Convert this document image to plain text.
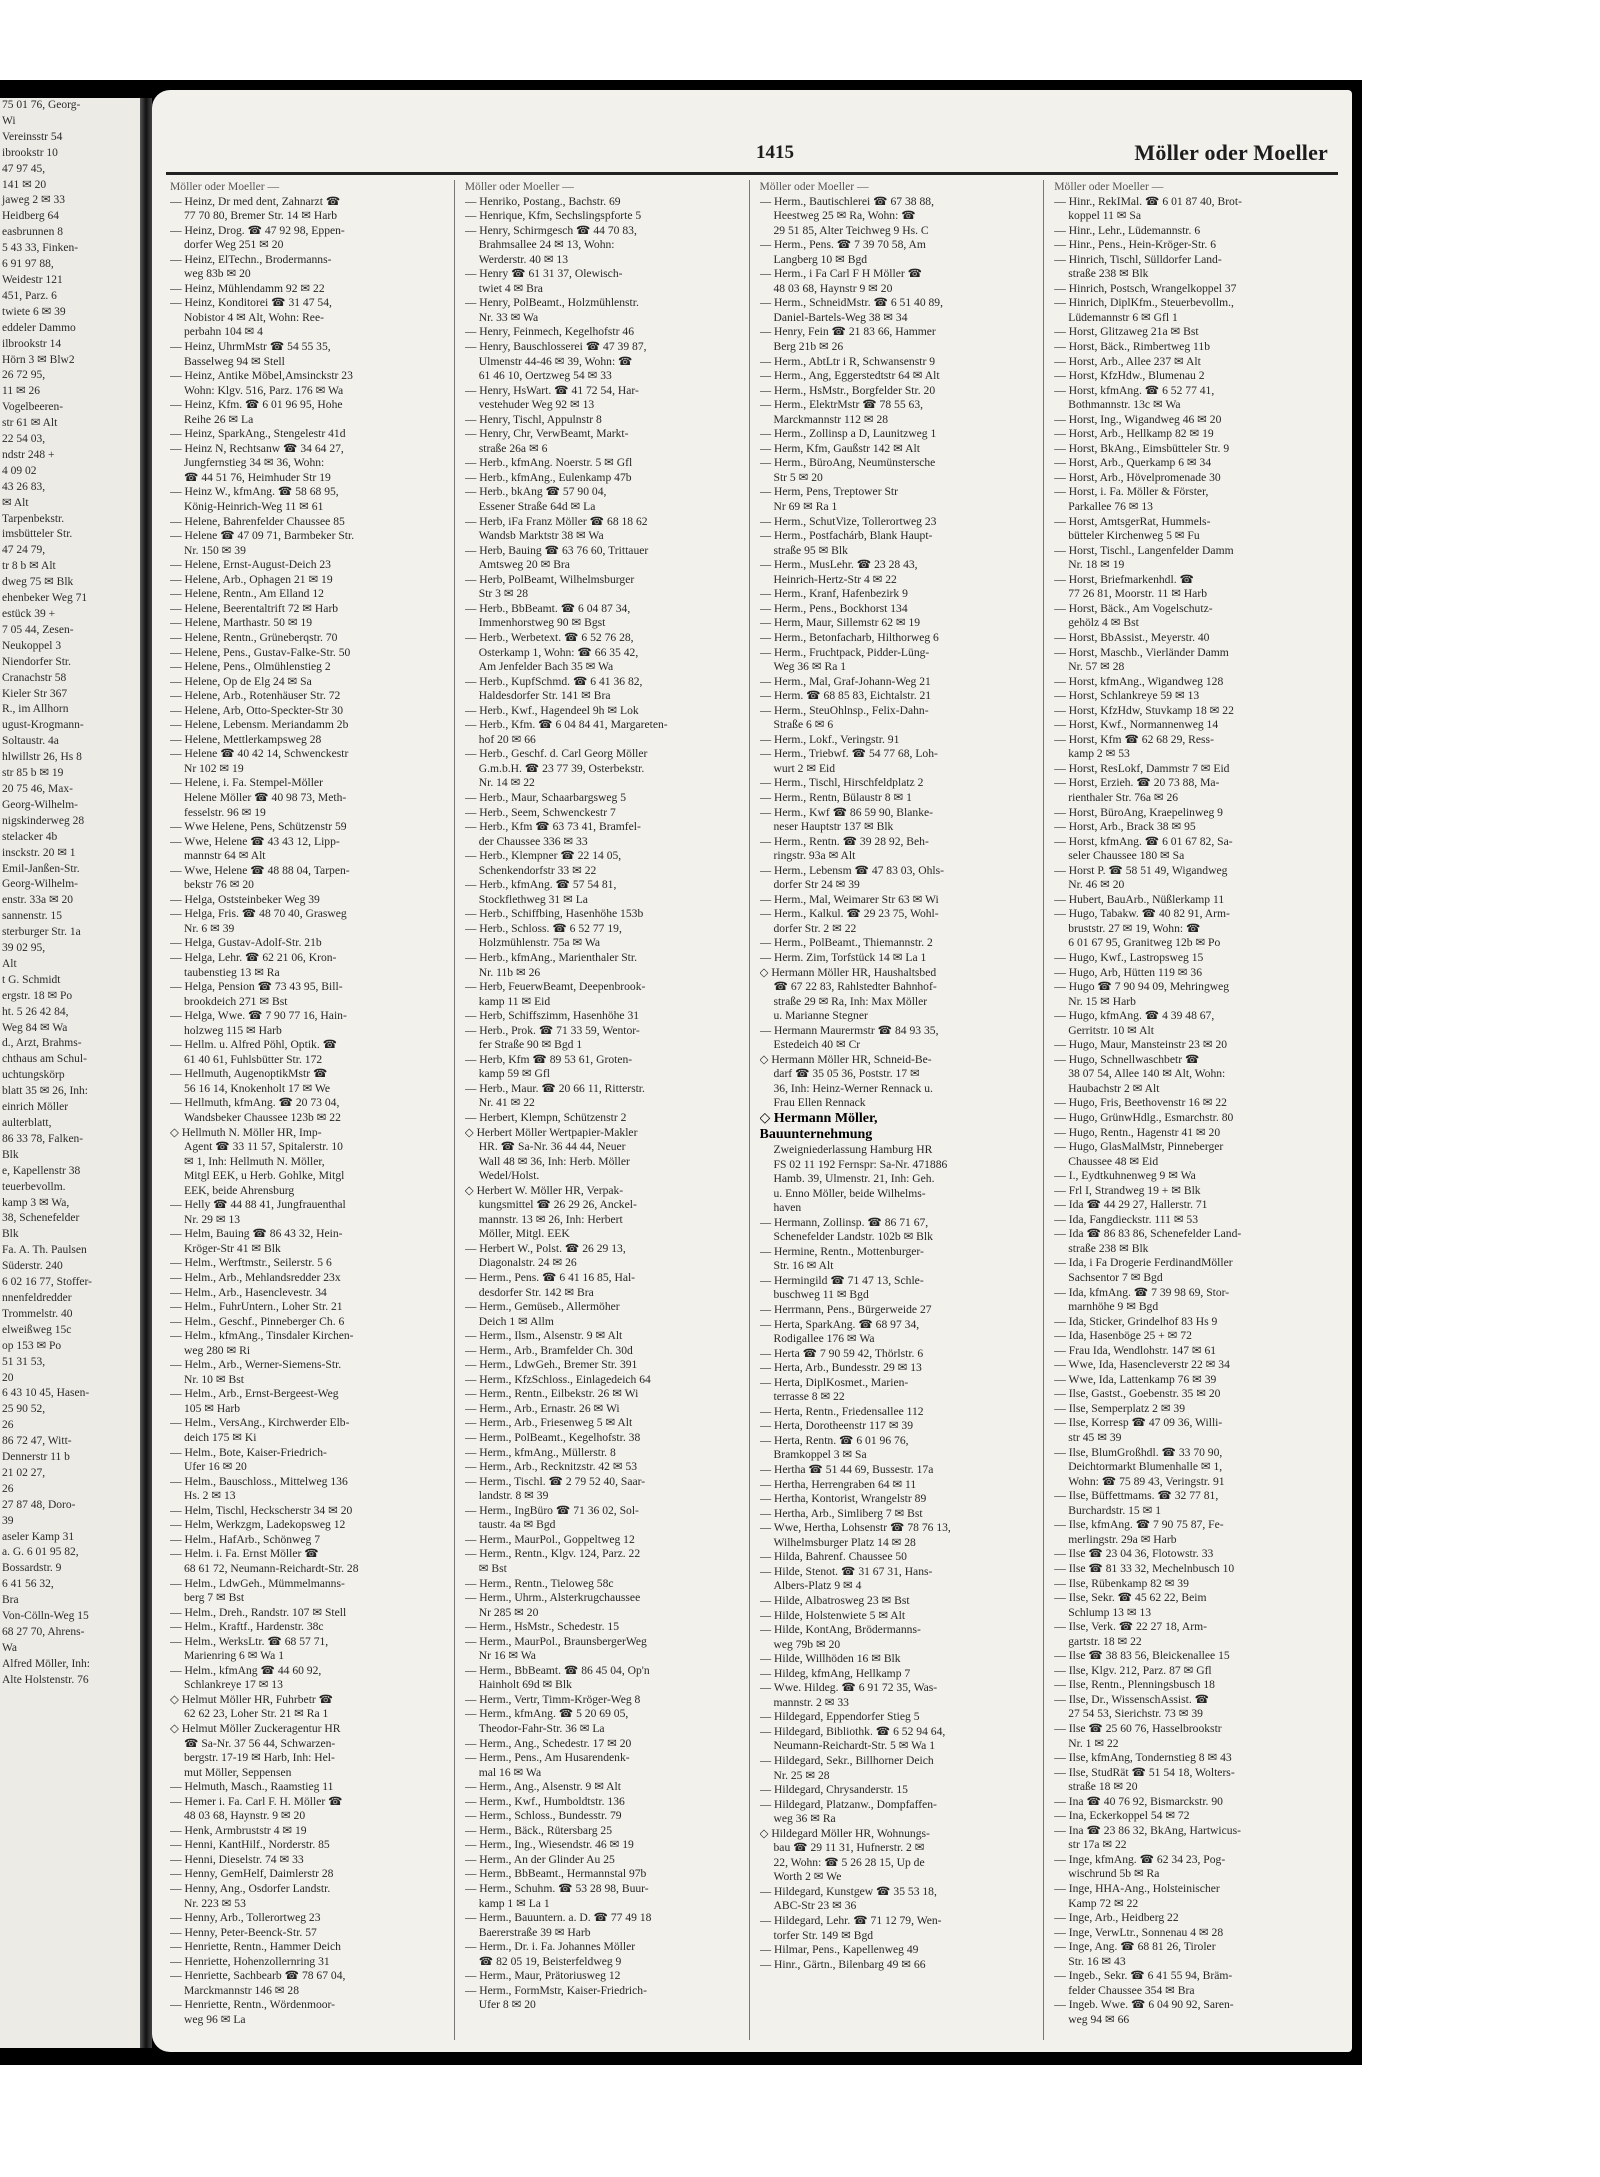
75 01 76, Georg-
Wi
Vereinsstr 54
ibrookstr 10
47 97 45,
141 ✉ 20
jaweg 2 ✉ 33
Heidberg 64
easbrunnen 8
5 43 33, Finken-
6 91 97 88,
Weidestr 121
451, Parz. 6
twiete 6 ✉ 39
eddeler Dammo
ilbrookstr 14
Hörn 3 ✉ Blw2
26 72 95,
11 ✉ 26
Vogelbeeren-
str 61 ✉ Alt
22 54 03,
ndstr 248 +
4 09 02
43 26 83,
✉ Alt
Tarpenbekstr.
imsbütteler Str.
47 24 79,
tr 8 b ✉ Alt
dweg 75 ✉ Blk
ehenbeker Weg 71
estück 39 +
7 05 44, Zesen-
Neukoppel 3
Niendorfer Str.
Cranachstr 58
Kieler Str 367
R., im Allhorn
ugust-Krogmann-
Soltaustr. 4a
hlwillstr 26, Hs 8
str 85 b ✉ 19
20 75 46, Max-
Georg-Wilhelm-
nigskinderweg 28
stelacker 4b
insckstr. 20 ✉ 1
Emil-Janßen-Str.
Georg-Wilhelm-
enstr. 33a ✉ 20
sannenstr. 15
sterburger Str. 1a
39 02 95,
Alt
t G. Schmidt
ergstr. 18 ✉ Po
ht. 5 26 42 84,
Weg 84 ✉ Wa
d., Arzt, Brahms-
chthaus am Schul-
uchtungskörp
blatt 35 ✉ 26, Inh:
einrich Möller
aulterblatt,
86 33 78, Falken-
Blk
e, Kapellenstr 38
teuerbevollm.
kamp 3 ✉ Wa,
38, Schenefelder
Blk
Fa. A. Th. Paulsen
Süderstr. 240
6 02 16 77, Stoffer-
nnenfeldredder
Trommelstr. 40
elweißweg 15c
op 153 ✉ Po
51 31 53,
20
6 43 10 45, Hasen-
25 90 52,
26
86 72 47, Witt-
Dennerstr 11 b
21 02 27,
26
27 87 48, Doro-
39
aseler Kamp 31
a. G. 6 01 95 82,
Bossardstr. 9
6 41 56 32,
Bra
Von-Cölln-Weg 15
68 27 70, Ahrens-
Wa
Alfred Möller, Inh:
Alte Holstenstr. 76
1415	Möller oder Moeller
Möller oder Moeller —
— Heinz, Dr med dent, Zahnarzt ☎
77 70 80, Bremer Str. 14 ✉ Harb
— Heinz, Drog. ☎ 47 92 98, Eppen-
dorfer Weg 251 ✉ 20
— Heinz, ElTechn., Brodermanns-
weg 83b ✉ 20
— Heinz, Mühlendamm 92 ✉ 22
— Heinz, Konditorei ☎ 31 47 54,
Nobistor 4 ✉ Alt, Wohn: Ree-
perbahn 104 ✉ 4
— Heinz, UhrmMstr ☎ 54 55 35,
Basselweg 94 ✉ Stell
— Heinz, Antike Möbel,Amsinckstr 23
Wohn: Klgv. 516, Parz. 176 ✉ Wa
— Heinz, Kfm. ☎ 6 01 96 95, Hohe
Reihe 26 ✉ La
— Heinz, SparkAng., Stengelestr 41d
— Heinz N, Rechtsanw ☎ 34 64 27,
Jungfernstieg 34 ✉ 36, Wohn:
☎ 44 51 76, Heimhuder Str 19
— Heinz W., kfmAng. ☎ 58 68 95,
König-Heinrich-Weg 11 ✉ 61
— Helene, Bahrenfelder Chaussee 85
— Helene ☎ 47 09 71, Barmbeker Str.
Nr. 150 ✉ 39
— Helene, Ernst-August-Deich 23
— Helene, Arb., Ophagen 21 ✉ 19
— Helene, Rentn., Am Elland 12
— Helene, Beerentaltrift 72 ✉ Harb
— Helene, Marthastr. 50 ✉ 19
— Helene, Rentn., Grüneberqstr. 70
— Helene, Pens., Gustav-Falke-Str. 50
— Helene, Pens., Olmühlenstieg 2
— Helene, Op de Elg 24 ✉ Sa
— Helene, Arb., Rotenhäuser Str. 72
— Helene, Arb, Otto-Speckter-Str 30
— Helene, Lebensm. Meriandamm 2b
— Helene, Mettlerkampsweg 28
— Helene ☎ 40 42 14, Schwenckestr
Nr 102 ✉ 19
— Helene, i. Fa. Stempel-Möller
Helene Möller ☎ 40 98 73, Meth-
fesselstr. 96 ✉ 19
— Wwe Helene, Pens, Schützenstr 59
— Wwe, Helene ☎ 43 43 12, Lipp-
mannstr 64 ✉ Alt
— Wwe, Helene ☎ 48 88 04, Tarpen-
bekstr 76 ✉ 20
— Helga, Oststeinbeker Weg 39
— Helga, Fris. ☎ 48 70 40, Grasweg
Nr. 6 ✉ 39
— Helga, Gustav-Adolf-Str. 21b
— Helga, Lehr. ☎ 62 21 06, Kron-
taubenstieg 13 ✉ Ra
— Helga, Pension ☎ 73 43 95, Bill-
brookdeich 271 ✉ Bst
— Helga, Wwe. ☎ 7 90 77 16, Hain-
holzweg 115 ✉ Harb
— Hellm. u. Alfred Pöhl, Optik. ☎
61 40 61, Fuhlsbütter Str. 172
— Hellmuth, AugenoptikMstr ☎
56 16 14, Knokenholt 17 ✉ We
— Hellmuth, kfmAng. ☎ 20 73 04,
Wandsbeker Chaussee 123b ✉ 22
◇ Hellmuth N. Möller HR, Imp-
Agent ☎ 33 11 57, Spitalerstr. 10
✉ 1, Inh: Hellmuth N. Möller,
Mitgl EEK, u Herb. Gohlke, Mitgl
EEK, beide Ahrensburg
— Helly ☎ 44 88 41, Jungfrauenthal
Nr. 29 ✉ 13
— Helm, Bauing ☎ 86 43 32, Hein-
Kröger-Str 41 ✉ Blk
— Helm., Werftmstr., Seilerstr. 5 6
— Helm., Arb., Mehlandsredder 23x
— Helm., Arb., Hasenclevestr. 34
— Helm., FuhrUntern., Loher Str. 21
— Helm., Geschf., Pinneberger Ch. 6
— Helm., kfmAng., Tinsdaler Kirchen-
weg 280 ✉ Ri
— Helm., Arb., Werner-Siemens-Str.
Nr. 10 ✉ Bst
— Helm., Arb., Ernst-Bergeest-Weg
105 ✉ Harb
— Helm., VersAng., Kirchwerder Elb-
deich 175 ✉ Ki
— Helm., Bote, Kaiser-Friedrich-
Ufer 16 ✉ 20
— Helm., Bauschloss., Mittelweg 136
Hs. 2 ✉ 13
— Helm, Tischl, Heckscherstr 34 ✉ 20
— Helm, Werkzgm, Ladekopsweg 12
— Helm., HafArb., Schönweg 7
— Helm. i. Fa. Ernst Möller ☎
68 61 72, Neumann-Reichardt-Str. 28
— Helm., LdwGeh., Mümmelmanns-
berg 7 ✉ Bst
— Helm., Dreh., Randstr. 107 ✉ Stell
— Helm., Kraftf., Hardenstr. 38c
— Helm., WerksLtr. ☎ 68 57 71,
Marienring 6 ✉ Wa 1
— Helm., kfmAng ☎ 44 60 92,
Schlankreye 17 ✉ 13
◇ Helmut Möller HR, Fuhrbetr ☎
62 62 23, Loher Str. 21 ✉ Ra 1
◇ Helmut Möller Zuckeragentur HR
☎ Sa-Nr. 37 56 44, Schwarzen-
bergstr. 17-19 ✉ Harb, Inh: Hel-
mut Möller, Seppensen
— Helmuth, Masch., Raamstieg 11
— Hemer i. Fa. Carl F. H. Möller ☎
48 03 68, Haynstr. 9 ✉ 20
— Henk, Armbruststr 4 ✉ 19
— Henni, KantHilf., Norderstr. 85
— Henni, Dieselstr. 74 ✉ 33
— Henny, GemHelf, Daimlerstr 28
— Henny, Ang., Osdorfer Landstr.
Nr. 223 ✉ 53
— Henny, Arb., Tollerortweg 23
— Henny, Peter-Beenck-Str. 57
— Henriette, Rentn., Hammer Deich
— Henriette, Hohenzollernring 31
— Henriette, Sachbearb ☎ 78 67 04,
Marckmannstr 146 ✉ 28
— Henriette, Rentn., Wördenmoor-
weg 96 ✉ La
Möller oder Moeller —
— Henriko, Postang., Bachstr. 69
— Henrique, Kfm, Sechslingspforte 5
— Henry, Schirmgesch ☎ 44 70 83,
Brahmsallee 24 ✉ 13, Wohn:
Werderstr. 40 ✉ 13
— Henry ☎ 61 31 37, Olewisch-
twiet 4 ✉ Bra
— Henry, PolBeamt., Holzmühlenstr.
Nr. 33 ✉ Wa
— Henry, Feinmech, Kegelhofstr 46
— Henry, Bauschlosserei ☎ 47 39 87,
Ulmenstr 44-46 ✉ 39, Wohn: ☎
61 46 10, Oertzweg 54 ✉ 33
— Henry, HsWart. ☎ 41 72 54, Har-
vestehuder Weg 92 ✉ 13
— Henry, Tischl, Appulnstr 8
— Henry, Chr, VerwBeamt, Markt-
straße 26a ✉ 6
— Herb., kfmAng. Noerstr. 5 ✉ Gfl
— Herb., kfmAng., Eulenkamp 47b
— Herb., bkAng ☎ 57 90 04,
Essener Straße 64d ✉ La
— Herb, iFa Franz Möller ☎ 68 18 62
Wandsb Marktstr 38 ✉ Wa
— Herb, Bauing ☎ 63 76 60, Trittauer
Amtsweg 20 ✉ Bra
— Herb, PolBeamt, Wilhelmsburger
Str 3 ✉ 28
— Herb., BbBeamt. ☎ 6 04 87 34,
Immenhorstweg 90 ✉ Bgst
— Herb., Werbetext. ☎ 6 52 76 28,
Osterkamp 1, Wohn: ☎ 66 35 42,
Am Jenfelder Bach 35 ✉ Wa
— Herb., KupfSchmd. ☎ 6 41 36 82,
Haldesdorfer Str. 141 ✉ Bra
— Herb., Kwf., Hagendeel 9h ✉ Lok
— Herb., Kfm. ☎ 6 04 84 41, Margareten-
hof 20 ✉ 66
— Herb., Geschf. d. Carl Georg Möller
G.m.b.H. ☎ 23 77 39, Osterbekstr.
Nr. 14 ✉ 22
— Herb., Maur, Schaarbargsweg 5
— Herb., Seem, Schwenckestr 7
— Herb., Kfm ☎ 63 73 41, Bramfel-
der Chaussee 336 ✉ 33
— Herb., Klempner ☎ 22 14 05,
Schenkendorfstr 33 ✉ 22
— Herb., kfmAng. ☎ 57 54 81,
Stockflethweg 31 ✉ La
— Herb., Schiffbing, Hasenhöhe 153b
— Herb., Schloss. ☎ 6 52 77 19,
Holzmühlenstr. 75a ✉ Wa
— Herb., kfmAng., Marienthaler Str.
Nr. 11b ✉ 26
— Herb, FeuerwBeamt, Deepenbrook-
kamp 11 ✉ Eid
— Herb, Schiffszimm, Hasenhöhe 31
— Herb., Prok. ☎ 71 33 59, Wentor-
fer Straße 90 ✉ Bgd 1
— Herb, Kfm ☎ 89 53 61, Groten-
kamp 59 ✉ Gfl
— Herb., Maur. ☎ 20 66 11, Ritterstr.
Nr. 41 ✉ 22
— Herbert, Klempn, Schützenstr 2
◇ Herbert Möller Wertpapier-Makler
HR. ☎ Sa-Nr. 36 44 44, Neuer
Wall 48 ✉ 36, Inh: Herb. Möller
Wedel/Holst.
◇ Herbert W. Möller HR, Verpak-
kungsmittel ☎ 26 29 26, Anckel-
mannstr. 13 ✉ 26, Inh: Herbert
Möller, Mitgl. EEK
— Herbert W., Polst. ☎ 26 29 13,
Diagonalstr. 24 ✉ 26
— Herm., Pens. ☎ 6 41 16 85, Hal-
desdorfer Str. 142 ✉ Bra
— Herm., Gemüseb., Allermöher
Deich 1 ✉ Allm
— Herm., Ilsm., Alsenstr. 9 ✉ Alt
— Herm., Arb., Bramfelder Ch. 30d
— Herm., LdwGeh., Bremer Str. 391
— Herm., KfzSchloss., Einlagedeich 64
— Herm., Rentn., Eilbekstr. 26 ✉ Wi
— Herm., Arb., Ernastr. 26 ✉ Wi
— Herm., Arb., Friesenweg 5 ✉ Alt
— Herm., PolBeamt., Kegelhofstr. 38
— Herm., kfmAng., Müllerstr. 8
— Herm., Arb., Recknitzstr. 42 ✉ 53
— Herm., Tischl. ☎ 2 79 52 40, Saar-
landstr. 8 ✉ 39
— Herm., IngBüro ☎ 71 36 02, Sol-
taustr. 4a ✉ Bgd
— Herm., MaurPol., Goppeltweg 12
— Herm., Rentn., Klgv. 124, Parz. 22
✉ Bst
— Herm., Rentn., Tieloweg 58c
— Herm., Uhrm., Alsterkrugchaussee
Nr 285 ✉ 20
— Herm., HsMstr., Schedestr. 15
— Herm., MaurPol., BraunsbergerWeg
Nr 16 ✉ Wa
— Herm., BbBeamt. ☎ 86 45 04, Op'n
Hainholt 69d ✉ Blk
— Herm., Vertr, Timm-Kröger-Weg 8
— Herm., kfmAng. ☎ 5 20 69 05,
Theodor-Fahr-Str. 36 ✉ La
— Herm., Ang., Schedestr. 17 ✉ 20
— Herm., Pens., Am Husarendenk-
mal 16 ✉ Wa
— Herm., Ang., Alsenstr. 9 ✉ Alt
— Herm., Kwf., Humboldtstr. 136
— Herm., Schloss., Bundesstr. 79
— Herm., Bäck., Rütersbarg 25
— Herm., Ing., Wiesendstr. 46 ✉ 19
— Herm., An der Glinder Au 25
— Herm., BbBeamt., Hermannstal 97b
— Herm., Schuhm. ☎ 53 28 98, Buur-
kamp 1 ✉ La 1
— Herm., Bauuntern. a. D. ☎ 77 49 18
Baererstraße 39 ✉ Harb
— Herm., Dr. i. Fa. Johannes Möller
☎ 82 05 19, Beisterfeldweg 9
— Herm., Maur, Prätoriusweg 12
— Herm., FormMstr, Kaiser-Friedrich-
Ufer 8 ✉ 20
Möller oder Moeller —
— Herm., Bautischlerei ☎ 67 38 88,
Heestweg 25 ✉ Ra, Wohn: ☎
29 51 85, Alter Teichweg 9 Hs. C
— Herm., Pens. ☎ 7 39 70 58, Am
Langberg 10 ✉ Bgd
— Herm., i Fa Carl F H Möller ☎
48 03 68, Haynstr 9 ✉ 20
— Herm., SchneidMstr. ☎ 6 51 40 89,
Daniel-Bartels-Weg 38 ✉ 34
— Henry, Fein ☎ 21 83 66, Hammer
Berg 21b ✉ 26
— Herm., AbtLtr i R, Schwansenstr 9
— Herm., Ang, Eggerstedtstr 64 ✉ Alt
— Herm., HsMstr., Borgfelder Str. 20
— Herm., ElektrMstr ☎ 78 55 63,
Marckmannstr 112 ✉ 28
— Herm., Zollinsp a D, Launitzweg 1
— Herm, Kfm, Gaußstr 142 ✉ Alt
— Herm., BüroAng, Neumünstersche
Str 5 ✉ 20
— Herm, Pens, Treptower Str
Nr 69 ✉ Ra 1
— Herm., SchutVize, Tollerortweg 23
— Herm., Postfachárb, Blank Haupt-
straße 95 ✉ Blk
— Herm., MusLehr. ☎ 23 28 43,
Heinrich-Hertz-Str 4 ✉ 22
— Herm., Kranf, Hafenbezirk 9
— Herm., Pens., Bockhorst 134
— Herm, Maur, Sillemstr 62 ✉ 19
— Herm., Betonfacharb, Hilthorweg 6
— Herm., Fruchtpack, Pidder-Lüng-
Weg 36 ✉ Ra 1
— Herm., Mal, Graf-Johann-Weg 21
— Herm. ☎ 68 85 83, Eichtalstr. 21
— Herm., SteuOhlnsp., Felix-Dahn-
Straße 6 ✉ 6
— Herm., Lokf., Veringstr. 91
— Herm., Triebwf. ☎ 54 77 68, Loh-
wurt 2 ✉ Eid
— Herm., Tischl, Hirschfeldplatz 2
— Herm., Rentn, Bülaustr 8 ✉ 1
— Herm., Kwf ☎ 86 59 90, Blanke-
neser Hauptstr 137 ✉ Blk
— Herm., Rentn. ☎ 39 28 92, Beh-
ringstr. 93a ✉ Alt
— Herm., Lebensm ☎ 47 83 03, Ohls-
dorfer Str 24 ✉ 39
— Herm., Mal, Weimarer Str 63 ✉ Wi
— Herm., Kalkul. ☎ 29 23 75, Wohl-
dorfer Str. 2 ✉ 22
— Herm., PolBeamt., Thiemannstr. 2
— Herm. Zim, Torfstück 14 ✉ La 1
◇ Hermann Möller HR, Haushaltsbed
☎ 67 22 83, Rahlstedter Bahnhof-
straße 29 ✉ Ra, Inh: Max Möller
u. Marianne Stegner
— Hermann Maurermstr ☎ 84 93 35,
Estedeich 40 ✉ Cr
◇ Hermann Möller HR, Schneid-Be-
darf ☎ 35 05 36, Poststr. 17 ✉
36, Inh: Heinz-Werner Rennack u.
Frau Ellen Rennack
◇ Hermann Möller,
Bauunternehmung
Zweigniederlassung Hamburg HR
FS 02 11 192 Fernspr: Sa-Nr. 471886
Hamb. 39, Ulmenstr. 21, Inh: Geh.
u. Enno Möller, beide Wilhelms-
haven
— Hermann, Zollinsp. ☎ 86 71 67,
Schenefelder Landstr. 102b ✉ Blk
— Hermine, Rentn., Mottenburger-
Str. 16 ✉ Alt
— Hermingild ☎ 71 47 13, Schle-
buschweg 11 ✉ Bgd
— Herrmann, Pens., Bürgerweide 27
— Herta, SparkAng. ☎ 68 97 34,
Rodigallee 176 ✉ Wa
— Herta ☎ 7 90 59 42, Thörlstr. 6
— Herta, Arb., Bundesstr. 29 ✉ 13
— Herta, DiplKosmet., Marien-
terrasse 8 ✉ 22
— Herta, Rentn., Friedensallee 112
— Herta, Dorotheenstr 117 ✉ 39
— Herta, Rentn. ☎ 6 01 96 76,
Bramkoppel 3 ✉ Sa
— Hertha ☎ 51 44 69, Bussestr. 17a
— Hertha, Herrengraben 64 ✉ 11
— Hertha, Kontorist, Wrangelstr 89
— Hertha, Arb., Simliberg 7 ✉ Bst
— Wwe, Hertha, Lohsenstr ☎ 78 76 13,
Wilhelmsburger Platz 14 ✉ 28
— Hilda, Bahrenf. Chaussee 50
— Hilde, Stenot. ☎ 31 67 31, Hans-
Albers-Platz 9 ✉ 4
— Hilde, Albatrosweg 23 ✉ Bst
— Hilde, Holstenwiete 5 ✉ Alt
— Hilde, KontAng, Brödermanns-
weg 79b ✉ 20
— Hilde, Willhöden 16 ✉ Blk
— Hildeg, kfmAng, Hellkamp 7
— Wwe. Hildeg. ☎ 6 91 72 35, Was-
mannstr. 2 ✉ 33
— Hildegard, Eppendorfer Stieg 5
— Hildegard, Bibliothk. ☎ 6 52 94 64,
Neumann-Reichardt-Str. 5 ✉ Wa 1
— Hildegard, Sekr., Billhorner Deich
Nr. 25 ✉ 28
— Hildegard, Chrysanderstr. 15
— Hildegard, Platzanw., Dompfaffen-
weg 36 ✉ Ra
◇ Hildegard Möller HR, Wohnungs-
bau ☎ 29 11 31, Hufnerstr. 2 ✉
22, Wohn: ☎ 5 26 28 15, Up de
Worth 2 ✉ We
— Hildegard, Kunstgew ☎ 35 53 18,
ABC-Str 23 ✉ 36
— Hildegard, Lehr. ☎ 71 12 79, Wen-
torfer Str. 149 ✉ Bgd
— Hilmar, Pens., Kapellenweg 49
— Hinr., Gärtn., Bilenbarg 49 ✉ 66
Möller oder Moeller —
— Hinr., RekIMal. ☎ 6 01 87 40, Brot-
koppel 11 ✉ Sa
— Hinr., Lehr., Lüdemannstr. 6
— Hinr., Pens., Hein-Kröger-Str. 6
— Hinrich, Tischl, Sülldorfer Land-
straße 238 ✉ Blk
— Hinrich, Postsch, Wrangelkoppel 37
— Hinrich, DiplKfm., Steuerbevollm.,
Lüdemannstr 6 ✉ Gfl 1
— Horst, Glitzaweg 21a ✉ Bst
— Horst, Bäck., Rimbertweg 11b
— Horst, Arb., Allee 237 ✉ Alt
— Horst, KfzHdw., Blumenau 2
— Horst, kfmAng. ☎ 6 52 77 41,
Bothmannstr. 13c ✉ Wa
— Horst, Ing., Wigandweg 46 ✉ 20
— Horst, Arb., Hellkamp 82 ✉ 19
— Horst, BkAng., Eimsbütteler Str. 9
— Horst, Arb., Querkamp 6 ✉ 34
— Horst, Arb., Hövelpromenade 30
— Horst, i. Fa. Möller & Förster,
Parkallee 76 ✉ 13
— Horst, AmtsgerRat, Hummels-
bütteler Kirchenweg 5 ✉ Fu
— Horst, Tischl., Langenfelder Damm
Nr. 18 ✉ 19
— Horst, Briefmarkenhdl. ☎
77 26 81, Moorstr. 11 ✉ Harb
— Horst, Bäck., Am Vogelschutz-
gehölz 4 ✉ Bst
— Horst, BbAssist., Meyerstr. 40
— Horst, Maschb., Vierländer Damm
Nr. 57 ✉ 28
— Horst, kfmAng., Wigandweg 128
— Horst, Schlankreye 59 ✉ 13
— Horst, KfzHdw, Stuvkamp 18 ✉ 22
— Horst, Kwf., Normannenweg 14
— Horst, Kfm ☎ 62 68 29, Ress-
kamp 2 ✉ 53
— Horst, ResLokf, Dammstr 7 ✉ Eid
— Horst, Erzieh. ☎ 20 73 88, Ma-
rienthaler Str. 76a ✉ 26
— Horst, BüroAng, Kraepelinweg 9
— Horst, Arb., Brack 38 ✉ 95
— Horst, kfmAng. ☎ 6 01 67 82, Sa-
seler Chaussee 180 ✉ Sa
— Horst P. ☎ 58 51 49, Wigandweg
Nr. 46 ✉ 20
— Hubert, BauArb., Nüßlerkamp 11
— Hugo, Tabakw. ☎ 40 82 91, Arm-
bruststr. 27 ✉ 19, Wohn: ☎
6 01 67 95, Granitweg 12b ✉ Po
— Hugo, Kwf., Lastropsweg 15
— Hugo, Arb, Hütten 119 ✉ 36
— Hugo ☎ 7 90 94 09, Mehringweg
Nr. 15 ✉ Harb
— Hugo, kfmAng. ☎ 4 39 48 67,
Gerritstr. 10 ✉ Alt
— Hugo, Maur, Mansteinstr 23 ✉ 20
— Hugo, Schnellwaschbetr ☎
38 07 54, Allee 140 ✉ Alt, Wohn:
Haubachstr 2 ✉ Alt
— Hugo, Fris, Beethovenstr 16 ✉ 22
— Hugo, GrünwHdlg., Esmarchstr. 80
— Hugo, Rentn., Hagenstr 41 ✉ 20
— Hugo, GlasMalMstr, Pinneberger
Chaussee 48 ✉ Eid
— I., Eydtkuhnenweg 9 ✉ Wa
— Frl I, Strandweg 19 + ✉ Blk
— Ida ☎ 44 29 27, Hallerstr. 71
— Ida, Fangdieckstr. 111 ✉ 53
— Ida ☎ 86 83 86, Schenefelder Land-
straße 238 ✉ Blk
— Ida, i Fa Drogerie FerdinandMöller
Sachsentor 7 ✉ Bgd
— Ida, kfmAng. ☎ 7 39 98 69, Stor-
marnhöhe 9 ✉ Bgd
— Ida, Sticker, Grindelhof 83 Hs 9
— Ida, Hasenböge 25 + ✉ 72
— Frau Ida, Wendlohstr. 147 ✉ 61
— Wwe, Ida, Hasencleverstr 22 ✉ 34
— Wwe, Ida, Lattenkamp 76 ✉ 39
— Ilse, Gastst., Goebenstr. 35 ✉ 20
— Ilse, Semperplatz 2 ✉ 39
— Ilse, Korresp ☎ 47 09 36, Willi-
str 45 ✉ 39
— Ilse, BlumGroßhdl. ☎ 33 70 90,
Deichtormarkt Blumenhalle ✉ 1,
Wohn: ☎ 75 89 43, Veringstr. 91
— Ilse, Büffettmams. ☎ 32 77 81,
Burchardstr. 15 ✉ 1
— Ilse, kfmAng. ☎ 7 90 75 87, Fe-
merlingstr. 29a ✉ Harb
— Ilse ☎ 23 04 36, Flotowstr. 33
— Ilse ☎ 81 33 32, Mechelnbusch 10
— Ilse, Rübenkamp 82 ✉ 39
— Ilse, Sekr. ☎ 45 62 22, Beim
Schlump 13 ✉ 13
— Ilse, Verk. ☎ 22 27 18, Arm-
gartstr. 18 ✉ 22
— Ilse ☎ 38 83 56, Bleickenallee 15
— Ilse, Klgv. 212, Parz. 87 ✉ Gfl
— Ilse, Rentn., Plenningsbusch 18
— Ilse, Dr., WissenschAssist. ☎
27 54 53, Sierichstr. 73 ✉ 39
— Ilse ☎ 25 60 76, Hasselbrookstr
Nr. 1 ✉ 22
— Ilse, kfmAng, Tondernstieg 8 ✉ 43
— Ilse, StudRät ☎ 51 54 18, Wolters-
straße 18 ✉ 20
— Ina ☎ 40 76 92, Bismarckstr. 90
— Ina, Eckerkoppel 54 ✉ 72
— Ina ☎ 23 86 32, BkAng, Hartwicus-
str 17a ✉ 22
— Inge, kfmAng. ☎ 62 34 23, Pog-
wischrund 5b ✉ Ra
— Inge, HHA-Ang., Holsteinischer
Kamp 72 ✉ 22
— Inge, Arb., Heidberg 22
— Inge, VerwLtr., Sonnenau 4 ✉ 28
— Inge, Ang. ☎ 68 81 26, Tiroler
Str. 16 ✉ 43
— Ingeb., Sekr. ☎ 6 41 55 94, Bräm-
felder Chaussee 354 ✉ Bra
— Ingeb. Wwe. ☎ 6 04 90 92, Saren-
weg 94 ✉ 66
